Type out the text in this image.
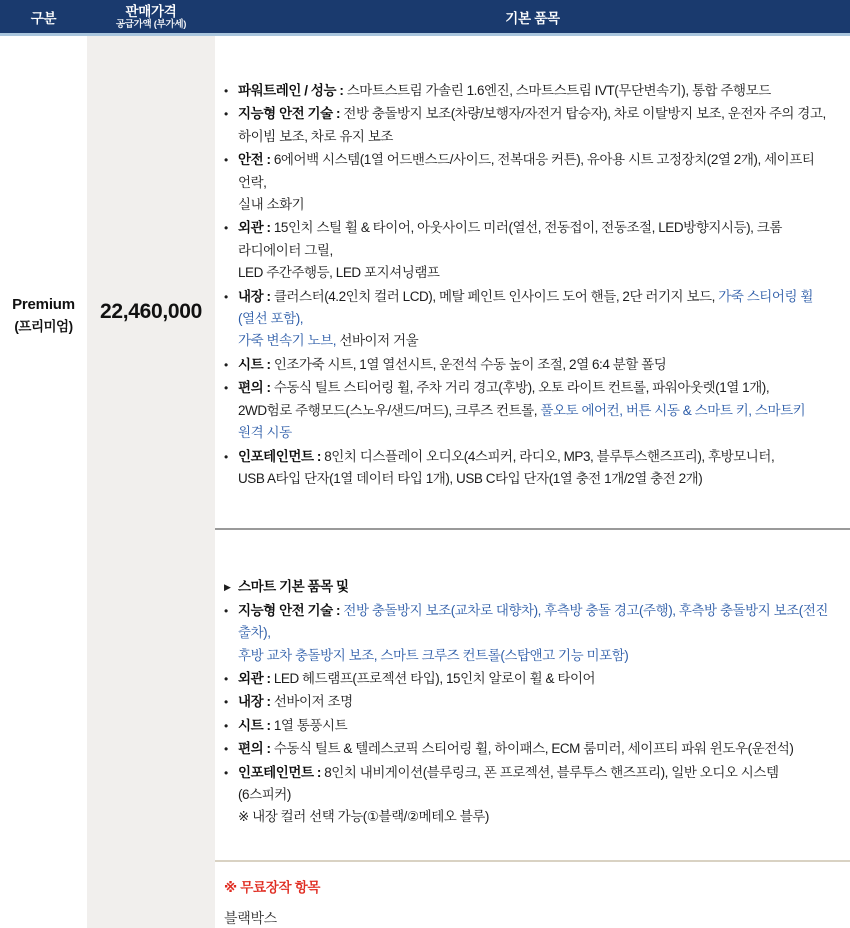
구분	판매가격
공급가액 (부가세)	기본 품목
Premium
(프리미엄)
22,460,000
• 파워트레인 / 성능 : 스마트스트림 가솔린 1.6엔진, 스마트스트림 IVT(무단변속기), 통합 주행모드
• 지능형 안전 기술 : 전방 충돌방지 보조(차량/보행자/자전거 탑승자), 차로 이탈방지 보조, 운전자 주의 경고,
하이빔 보조, 차로 유지 보조
• 안전 : 6에어백 시스템(1열 어드밴스드/사이드, 전복대응 커튼), 유아용 시트 고정장치(2열 2개), 세이프티 언락,
실내 소화기
• 외관 : 15인치 스틸 휠 & 타이어, 아웃사이드 미러(열선, 전동접이, 전동조절, LED방향지시등), 크롬 라디에이터 그릴,
LED 주간주행등, LED 포지셔닝램프
• 내장 : 클러스터(4.2인치 컬러 LCD), 메탈 페인트 인사이드 도어 핸들, 2단 러기지 보드, 가죽 스티어링 휠(열선 포함),
가죽 변속기 노브, 선바이저 거울
• 시트 : 인조가죽 시트, 1열 열선시트, 운전석 수동 높이 조절, 2열 6:4 분할 폴딩
• 편의 : 수동식 틸트 스티어링 휠, 주차 거리 경고(후방), 오토 라이트 컨트롤, 파워아웃렛(1열 1개),
2WD험로 주행모드(스노우/샌드/머드), 크루즈 컨트롤, 풀오토 에어컨, 버튼 시동 & 스마트 키, 스마트키 원격 시동
• 인포테인먼트 : 8인치 디스플레이 오디오(4스피커, 라디오, MP3, 블루투스핸즈프리), 후방모니터,
USB A타입 단자(1열 데이터 타입 1개), USB C타입 단자(1열 충전 1개/2열 충전 2개)
▶ 스마트 기본 품목 및
• 지능형 안전 기술 : 전방 충돌방지 보조(교차로 대향차), 후측방 충돌 경고(주행), 후측방 충돌방지 보조(전진 출차),
후방 교차 충돌방지 보조, 스마트 크루즈 컨트롤(스탑앤고 기능 미포함)
• 외관 : LED 헤드램프(프로젝션 타입), 15인치 알로이 휠 & 타이어
• 내장 : 선바이저 조명
• 시트 : 1열 통풍시트
• 편의 : 수동식 틸트 & 텔레스코픽 스티어링 휠, 하이패스, ECM 룸미러, 세이프티 파워 윈도우(운전석)
• 인포테인먼트 : 8인치 내비게이션(블루링크, 폰 프로젝션, 블루투스 핸즈프리), 일반 오디오 시스템(6스피커)
※ 내장 컬러 선택 가능(①블랙/②메테오 블루)
※ 무료장작 항목
블랙박스
